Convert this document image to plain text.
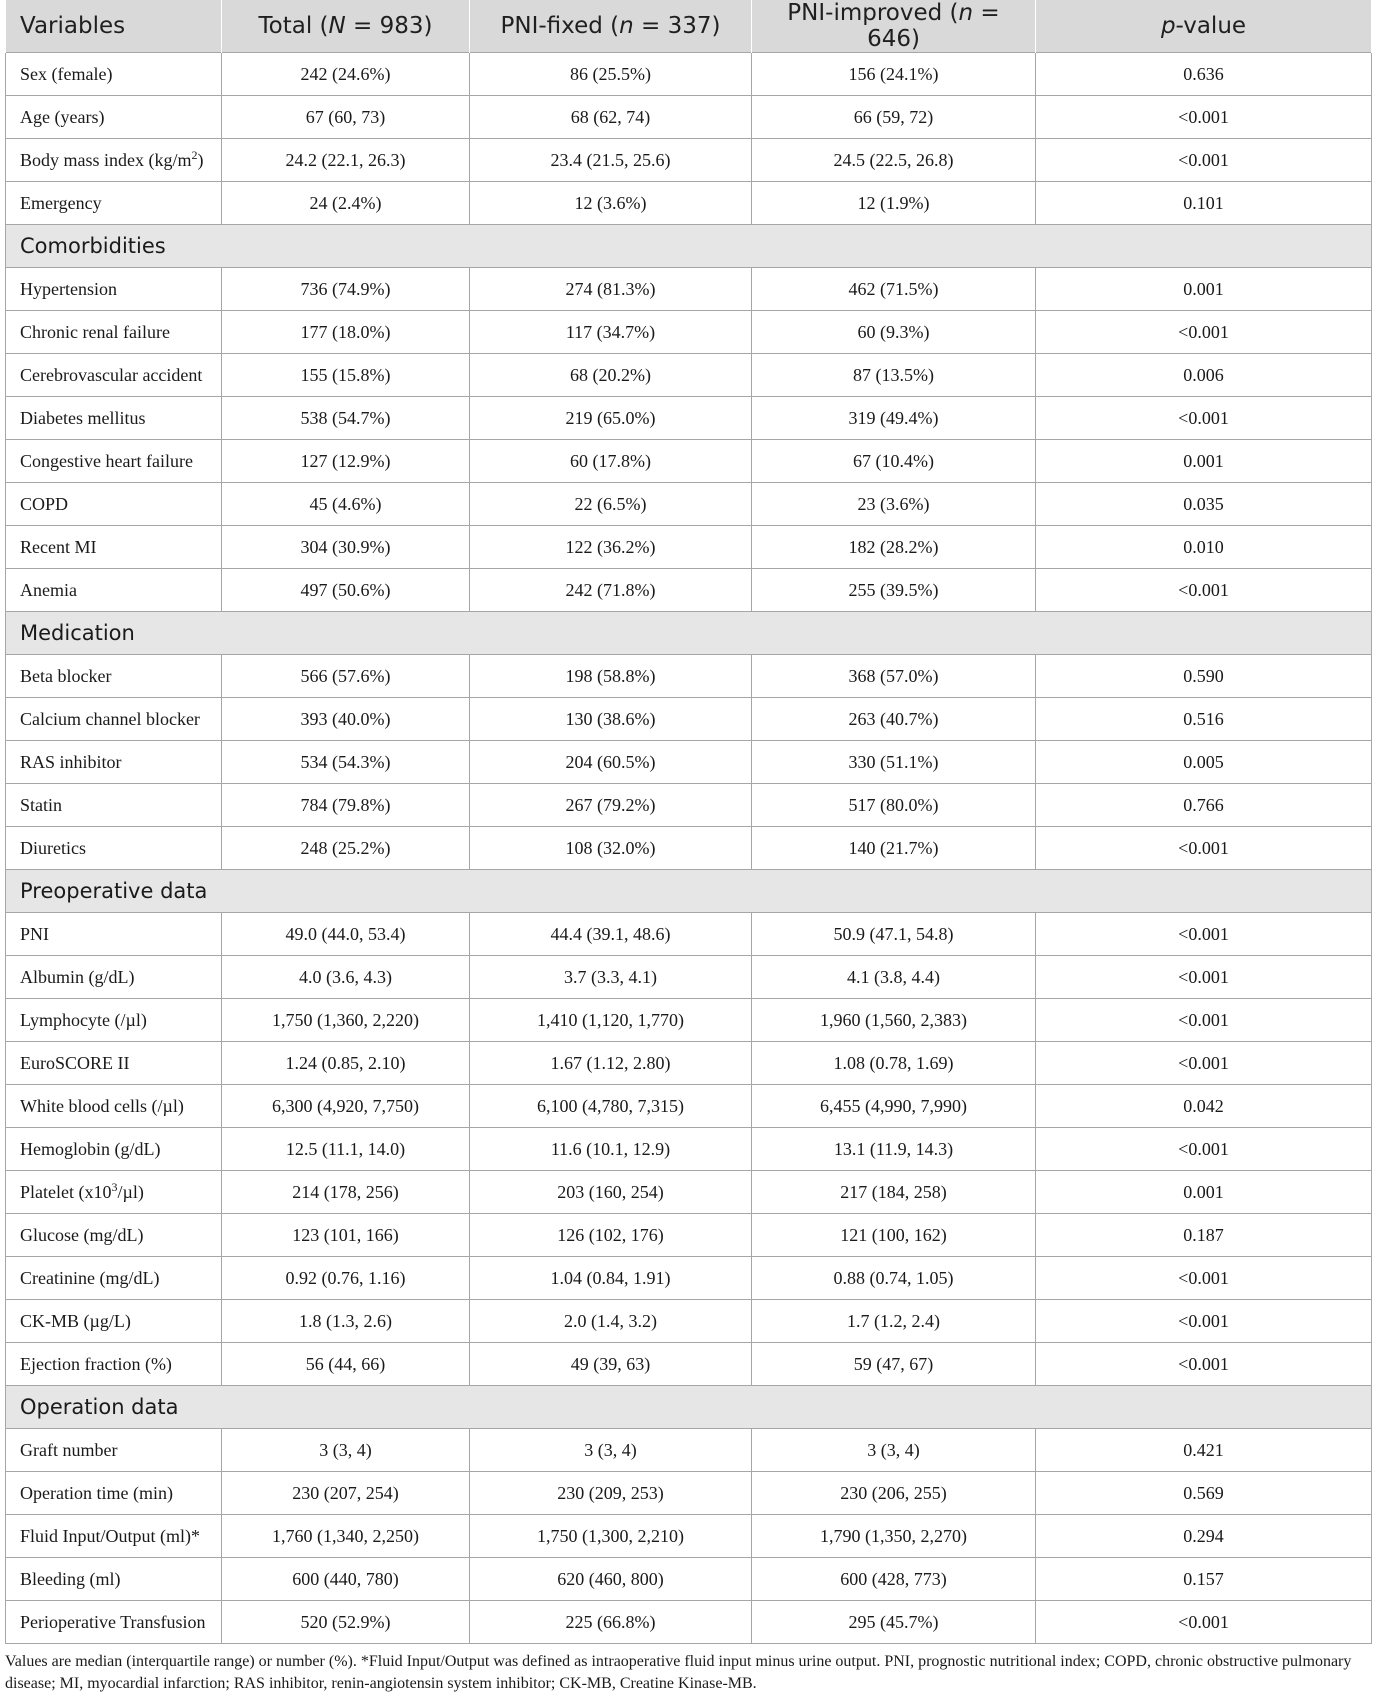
Variables	Total (N = 983)	PNI-fixed (n = 337)	PNI-improved (n = 646)	p-value
Sex (female)	242 (24.6%)	86 (25.5%)	156 (24.1%)	0.636
Age (years)	67 (60, 73)	68 (62, 74)	66 (59, 72)	<0.001
Body mass index $(kg/m^2)$	24.2 (22.1, 26.3)	23.4 (21.5, 25.6)	24.5 (22.5, 26.8)	<0.001
Emergency	24 (2.4%)	12 (3.6%)	12 (1.9%)	0.101
Comorbidities				
Hypertension	736 (74.9%)	274 (81.3%)	462 (71.5%)	0.001
Chronic renal failure	177 (18.0%)	117 (34.7%)	60 (9.3%)	<0.001
Cerebrovascular accident	155 (15.8%)	68 (20.2%)	87 (13.5%)	0.006
Diabetes mellitus	538 (54.7%)	219 (65.0%)	319 (49.4%)	<0.001
Congestive heart failure	127 (12.9%)	60 (17.8%)	67 (10.4%)	0.001
COPD	45 (4.6%)	22 (6.5%)	23 (3.6%)	0.035
Recent MI	304 (30.9%)	122 (36.2%)	182 (28.2%)	0.010
Anemia	497 (50.6%)	242 (71.8%)	255 (39.5%)	<0.001
Medication				
Beta blocker	566 (57.6%)	198 (58.8%)	368 (57.0%)	0.590
Calcium channel blocker	393 (40.0%)	130 (38.6%)	263 (40.7%)	0.516
RAS inhibitor	534 (54.3%)	204 (60.5%)	330 (51.1%)	0.005
Statin	784 (79.8%)	267 (79.2%)	517 (80.0%)	0.766
Diuretics	248 (25.2%)	108 (32.0%)	140 (21.7%)	<0.001
Preoperative data				
PNI	49.0 (44.0, 53.4)	44.4 (39.1, 48.6)	50.9 (47.1, 54.8)	<0.001
Albumin (g/dL)	4.0 (3.6, 4.3)	3.7 (3.3, 4.1)	4.1 (3.8, 4.4)	<0.001
Lymphocyte (/µl)	1,750 (1,360, 2,220)	1,410 (1,120, 1,770)	1,960 (1,560, 2,383)	<0.001
EuroSCORE II	1.24 (0.85, 2.10)	1.67 (1.12, 2.80)	1.08 (0.78, 1.69)	<0.001
White blood cells (/µl)	6,300 (4,920, 7,750)	6,100 (4,780, 7,315)	6,455 (4,990, 7,990)	0.042
Hemoglobin (g/dL)	12.5 (11.1, 14.0)	11.6 (10.1, 12.9)	13.1 (11.9, 14.3)	<0.001
Platelet $(x10^3/\mu l)$	214 (178, 256)	203 (160, 254)	217 (184, 258)	0.001
Glucose (mg/dL)	123 (101, 166)	126 (102, 176)	121 (100, 162)	0.187
Creatinine (mg/dL)	0.92 (0.76, 1.16)	1.04 (0.84, 1.91)	0.88 (0.74, 1.05)	<0.001
CK-MB (µg/L)	1.8 (1.3, 2.6)	2.0 (1.4, 3.2)	1.7 (1.2, 2.4)	<0.001
Ejection fraction (%)	56 (44, 66)	49 (39, 63)	59 (47, 67)	<0.001
Operation data				
Graft number	3 (3, 4)	3 (3, 4)	3 (3, 4)	0.421
Operation time (min)	230 (207, 254)	230 (209, 253)	230 (206, 255)	0.569
Fluid Input/Output (ml)*	1,760 (1,340, 2,250)	1,750 (1,300, 2,210)	1,790 (1,350, 2,270)	0.294
Bleeding (ml)	600 (440, 780)	620 (460, 800)	600 (428, 773)	0.157
Perioperative Transfusion	520 (52.9%)	225 (66.8%)	295 (45.7%)	<0.001
Values are median (interquartile range) or number (%). *Fluid Input/Output was defined as intraoperative fluid input minus urine output. PNI, prognostic nutritional index; COPD, chronic obstructive pulmonary disease; MI, myocardial infarction; RAS inhibitor, renin-angiotensin system inhibitor; CK-MB, Creatine Kinase-MB.
